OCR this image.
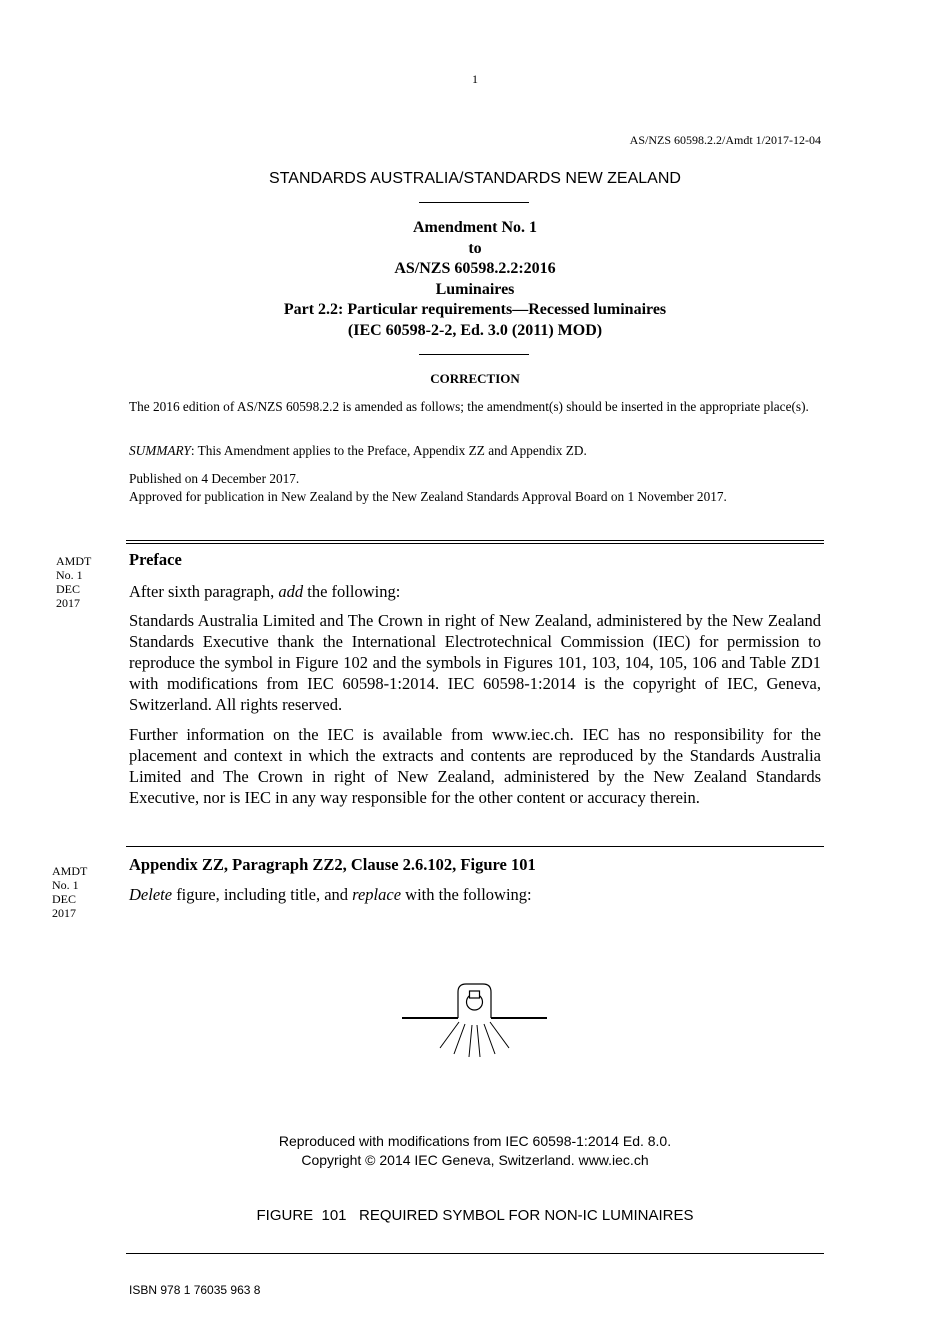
1
AS/NZS 60598.2.2/Amdt 1/2017-12-04
STANDARDS AUSTRALIA/STANDARDS NEW ZEALAND
Amendment No. 1
to
AS/NZS 60598.2.2:2016
Luminaires
Part 2.2: Particular requirements—Recessed luminaires
(IEC 60598-2-2, Ed. 3.0 (2011) MOD)
CORRECTION
The 2016 edition of AS/NZS 60598.2.2 is amended as follows; the amendment(s) should be inserted in the appropriate place(s).
SUMMARY: This Amendment applies to the Preface, Appendix ZZ and Appendix ZD.
Published on 4 December 2017.
Approved for publication in New Zealand by the New Zealand Standards Approval Board on 1 November 2017.
AMDT
No. 1
DEC
2017
Preface
After sixth paragraph, add the following:
Standards Australia Limited and The Crown in right of New Zealand, administered by the New Zealand Standards Executive thank the International Electrotechnical Commission (IEC) for permission to reproduce the symbol in Figure 102 and the symbols in Figures 101, 103, 104, 105, 106 and Table ZD1 with modifications from IEC 60598-1:2014. IEC 60598-1:2014 is the copyright of IEC, Geneva, Switzerland. All rights reserved.
Further information on the IEC is available from www.iec.ch. IEC has no responsibility for the placement and context in which the extracts and contents are reproduced by the Standards Australia Limited and The Crown in right of New Zealand, administered by the New Zealand Standards Executive, nor is IEC in any way responsible for the other content or accuracy therein.
AMDT
No. 1
DEC
2017
Appendix ZZ, Paragraph ZZ2, Clause 2.6.102, Figure 101
Delete figure, including title, and replace with the following:
Reproduced with modifications from IEC 60598-1:2014 Ed. 8.0.
Copyright © 2014 IEC Geneva, Switzerland. www.iec.ch
FIGURE  101   REQUIRED SYMBOL FOR NON-IC LUMINAIRES
ISBN 978 1 76035 963 8
